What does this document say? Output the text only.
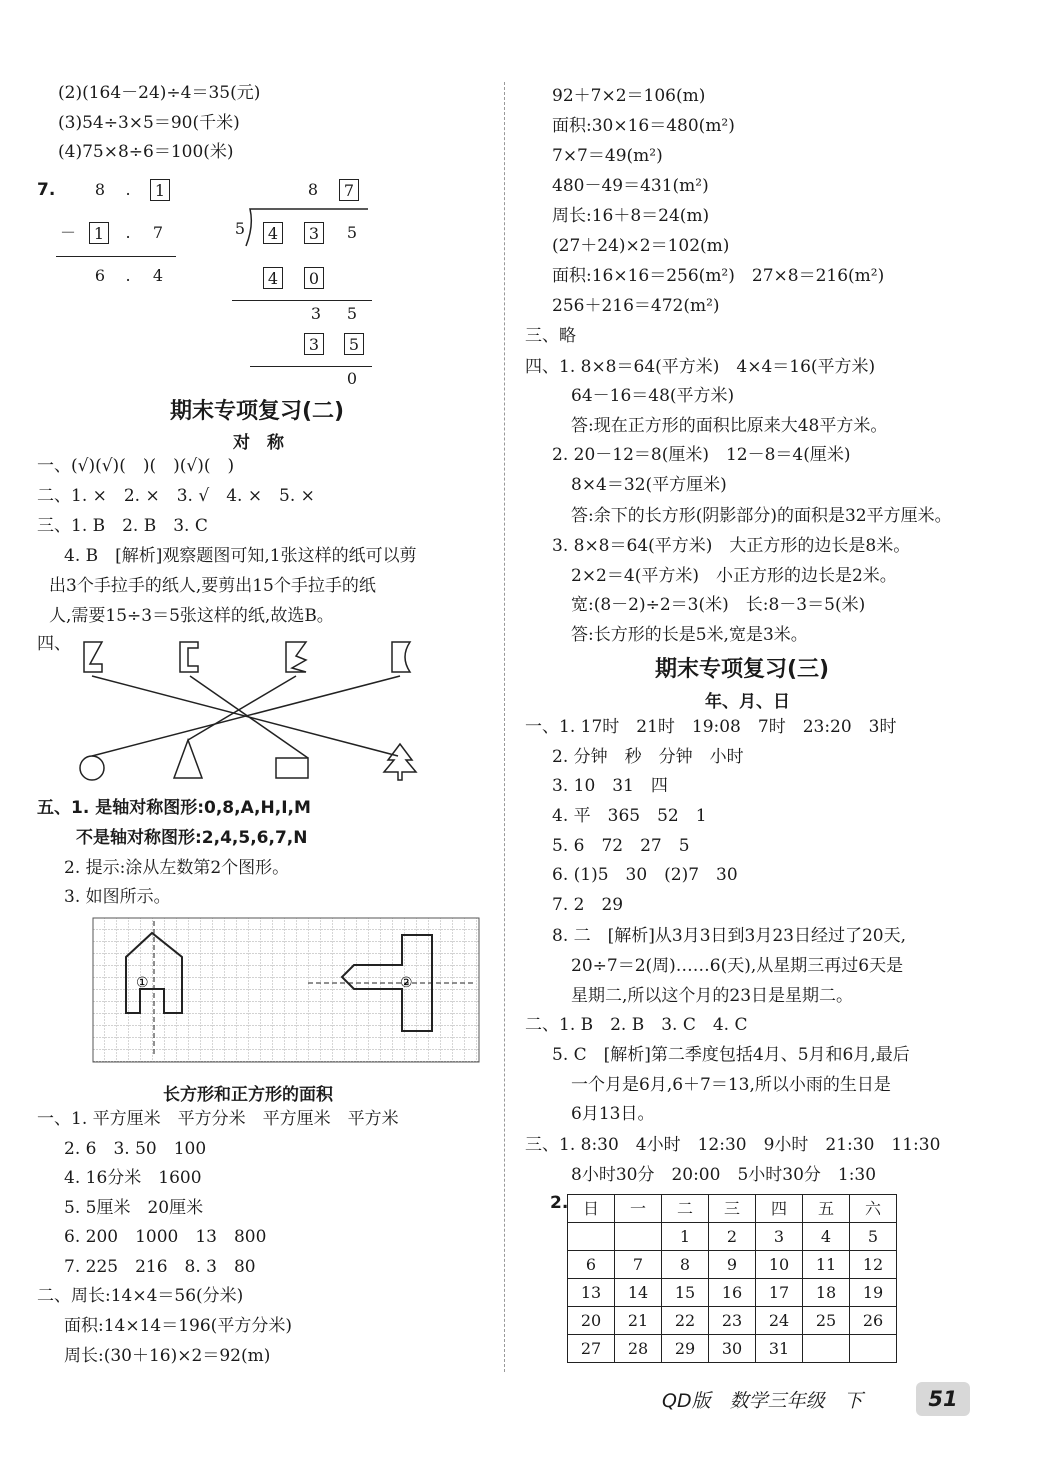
(2)(164－24)÷4＝35(元)
(3)54÷3×5＝90(千米)
(4)75×8÷6＝100(米)
7.	8	.	1
－	1	.	7
6	.	4
8	7
5	4	3	5
4	0
3	5
3	5
0
期末专项复习(二)
对　称
一、(√)(√)(　)(　)(√)(　)
二、1. ×　2. ×　3. √　4. ×　5. ×
三、1. B　2. B　3. C
4. B　[解析]观察题图可知,1张这样的纸可以剪
出3个手拉手的纸人,要剪出15个手拉手的纸
人,需要15÷3＝5张这样的纸,故选B。
四、
五、1. 是轴对称图形:0,8,A,H,I,M
不是轴对称图形:2,4,5,6,7,N
2. 提示:涂从左数第2个图形。
3. 如图所示。
①	②
长方形和正方形的面积
一、1. 平方厘米　平方分米　平方厘米　平方米
2. 6　3. 50　100
4. 16分米　1600
5. 5厘米　20厘米
6. 200　1000　13　800
7. 225　216　8. 3　80
二、周长:14×4＝56(分米)
面积:14×14＝196(平方分米)
周长:(30＋16)×2＝92(m)
92＋7×2＝106(m)
面积:30×16＝480(m²)
7×7＝49(m²)
480－49＝431(m²)
周长:16＋8＝24(m)
(27＋24)×2＝102(m)
面积:16×16＝256(m²)　27×8＝216(m²)
256＋216＝472(m²)
三、略
四、1. 8×8＝64(平方米)　4×4＝16(平方米)
64－16＝48(平方米)
答:现在正方形的面积比原来大48平方米。
2. 20－12＝8(厘米)　12－8＝4(厘米)
8×4＝32(平方厘米)
答:余下的长方形(阴影部分)的面积是32平方厘米。
3. 8×8＝64(平方米)　大正方形的边长是8米。
2×2＝4(平方米)　小正方形的边长是2米。
宽:(8－2)÷2＝3(米)　长:8－3＝5(米)
答:长方形的长是5米,宽是3米。
期末专项复习(三)
年、月、日
一、1. 17时　21时　19:08　7时　23:20　3时
2. 分钟　秒　分钟　小时
3. 10　31　四
4. 平　365　52　1
5. 6　72　27　5
6. (1)5　30　(2)7　30
7. 2　29
8. 二　[解析]从3月3日到3月23日经过了20天,
20÷7＝2(周)……6(天),从星期三再过6天是
星期二,所以这个月的23日是星期二。
二、1. B　2. B　3. C　4. C
5. C　[解析]第二季度包括4月、5月和6月,最后
一个月是6月,6＋7＝13,所以小雨的生日是
6月13日。
三、1. 8:30　4小时　12:30　9小时　21:30　11:30
8小时30分　20:00　5小时30分　1:30
2. 日	一	二	三	四	五	六
		1	2	3	4	5
6	7	8	9	10	11	12
13	14	15	16	17	18	19
20	21	22	23	24	25	26
27	28	29	30	31		
QD版　数学三年级　下	51
